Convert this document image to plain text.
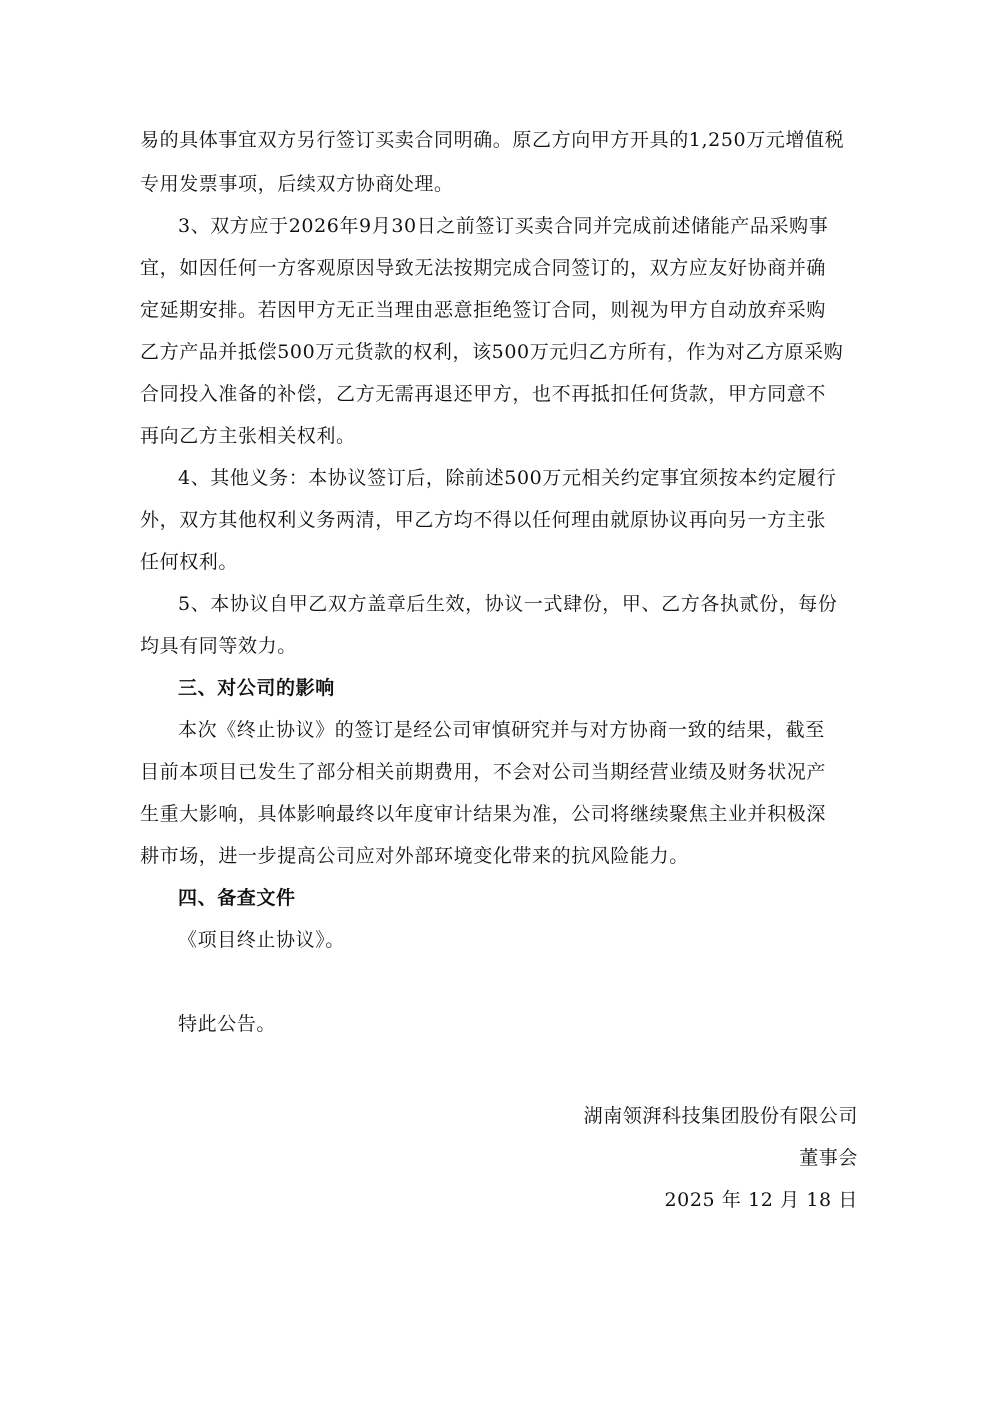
易的具体事宜双方另行签订买卖合同明确。原乙方向甲方开具的1,250万元增值税
专用发票事项，后续双方协商处理。
3、双方应于2026年9月30日之前签订买卖合同并完成前述储能产品采购事
宜，如因任何一方客观原因导致无法按期完成合同签订的，双方应友好协商并确
定延期安排。若因甲方无正当理由恶意拒绝签订合同，则视为甲方自动放弃采购
乙方产品并抵偿500万元货款的权利，该500万元归乙方所有，作为对乙方原采购
合同投入准备的补偿，乙方无需再退还甲方，也不再抵扣任何货款，甲方同意不
再向乙方主张相关权利。
4、其他义务：本协议签订后，除前述500万元相关约定事宜须按本约定履行
外，双方其他权利义务两清，甲乙方均不得以任何理由就原协议再向另一方主张
任何权利。
5、本协议自甲乙双方盖章后生效，协议一式肆份，甲、乙方各执贰份，每份
均具有同等效力。
三、对公司的影响
本次《终止协议》的签订是经公司审慎研究并与对方协商一致的结果，截至
目前本项目已发生了部分相关前期费用，不会对公司当期经营业绩及财务状况产
生重大影响，具体影响最终以年度审计结果为准，公司将继续聚焦主业并积极深
耕市场，进一步提高公司应对外部环境变化带来的抗风险能力。
四、备查文件
《项目终止协议》。
特此公告。
湖南领湃科技集团股份有限公司
董事会
2025 年 12 月 18 日
